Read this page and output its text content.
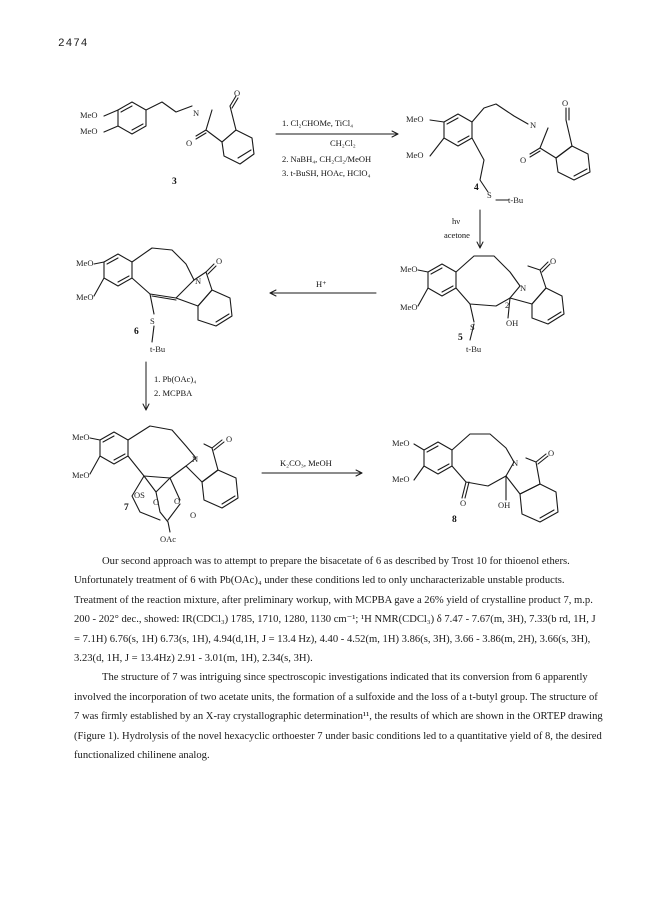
2474
MeO
MeO
N
O
O
MeO
MeO
N
O
O
S t-Bu
MeO
MeO
N
O
OH
2
S
t-Bu
MeO
MeO
N
O
S
t-Bu
MeO
MeO
N
O
OS
O O
O
OAc
MeO
MeO
N
O
O	OH
3
4
5
6
7
8
1. Cl₂CHOMe, TiCl₄
CH₂Cl₂
2. NaBH₄, CH₂Cl₂/MeOH
3. t-BuSH, HOAc, HClO₄
hν
acetone
H⁺
1. Pb(OAc)₄
2. MCPBA
K₂CO₃, MeOH

Our second approach was to attempt to prepare the bisacetate of 6 as described by Trost 10 for thioenol ethers. Unfortunately treatment of 6 with Pb(OAc)₄ under these conditions led to only uncharacterizable unstable products. Treatment of the reaction mixture, after preliminary workup, with MCPBA gave a 26% yield of crystalline product 7, m.p. 200 - 202° dec., showed: IR(CDCl₃) 1785, 1710, 1280, 1130 cm⁻¹; ¹H NMR(CDCl₃) δ 7.47 - 7.67(m, 3H), 7.33(b rd, 1H, J = 7.1H) 6.76(s, 1H) 6.73(s, 1H), 4.94(d,1H, J = 13.4 Hz), 4.40 - 4.52(m, 1H) 3.86(s, 3H), 3.66 - 3.86(m, 2H), 3.66(s, 3H), 3.23(d, 1H, J = 13.4Hz) 2.91 - 3.01(m, 1H), 2.34(s, 3H).

The structure of 7 was intriguing since spectroscopic investigations indicated that its conversion from 6 apparently involved the incorporation of two acetate units, the formation of a sulfoxide and the loss of a t-butyl group. The structure of 7 was firmly established by an X-ray crystallographic determination¹¹, the results of which are shown in the ORTEP drawing (Figure 1). Hydrolysis of the novel hexacyclic orthoester 7 under basic conditions led to a quantitative yield of 8, the desired functionalized chilinene analog.
